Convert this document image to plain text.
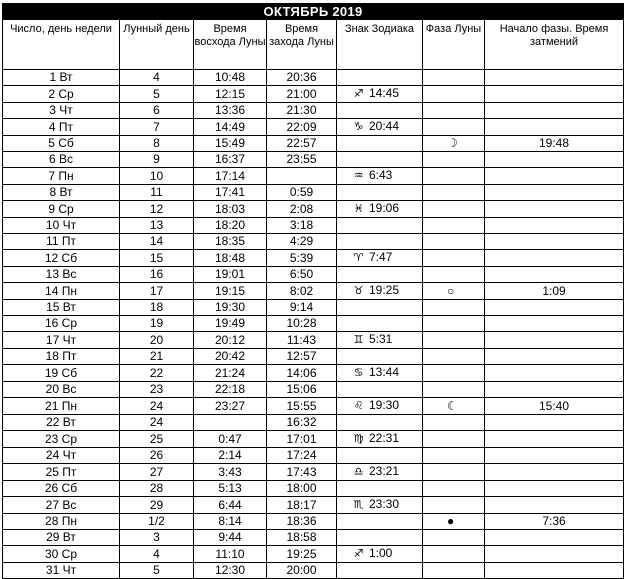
ОКТЯБРЬ 2019						
Число, день недели	Лунный день	Время восхода Луны	Время захода Луны	Знак Зодиака	Фаза Луны	Начало фазы. Время затмений
1 Вт	4	10:48	20:36			
2 Ср	5	12:15	21:00	♐ 14:45		
3 Чт	6	13:36	21:30			
4 Пт	7	14:49	22:09	♑ 20:44		
5 Сб	8	15:49	22:57		☽	19:48
6 Вс	9	16:37	23:55			
7 Пн	10	17:14		♒ 6:43		
8 Вт	11	17:41	0:59			
9 Ср	12	18:03	2:08	♓ 19:06		
10 Чт	13	18:20	3:18			
11 Пт	14	18:35	4:29			
12 Сб	15	18:48	5:39	♈ 7:47		
13 Вс	16	19:01	6:50			
14 Пн	17	19:15	8:02	♉ 19:25	○	1:09
15 Вт	18	19:30	9:14			
16 Ср	19	19:49	10:28			
17 Чт	20	20:12	11:43	♊ 5:31		
18 Пт	21	20:42	12:57			
19 Сб	22	21:24	14:06	♋ 13:44		
20 Вс	23	22:18	15:06			
21 Пн	24	23:27	15:55	♌ 19:30	☾	15:40
22 Вт	24		16:32			
23 Ср	25	0:47	17:01	♍ 22:31		
24 Чт	26	2:14	17:24			
25 Пт	27	3:43	17:43	♎ 23:21		
26 Сб	28	5:13	18:00			
27 Вс	29	6:44	18:17	♏ 23:30		
28 Пн	1/2	8:14	18:36		●	7:36
29 Вт	3	9:44	18:58			
30 Ср	4	11:10	19:25	♐ 1:00		
31 Чт	5	12:30	20:00			
